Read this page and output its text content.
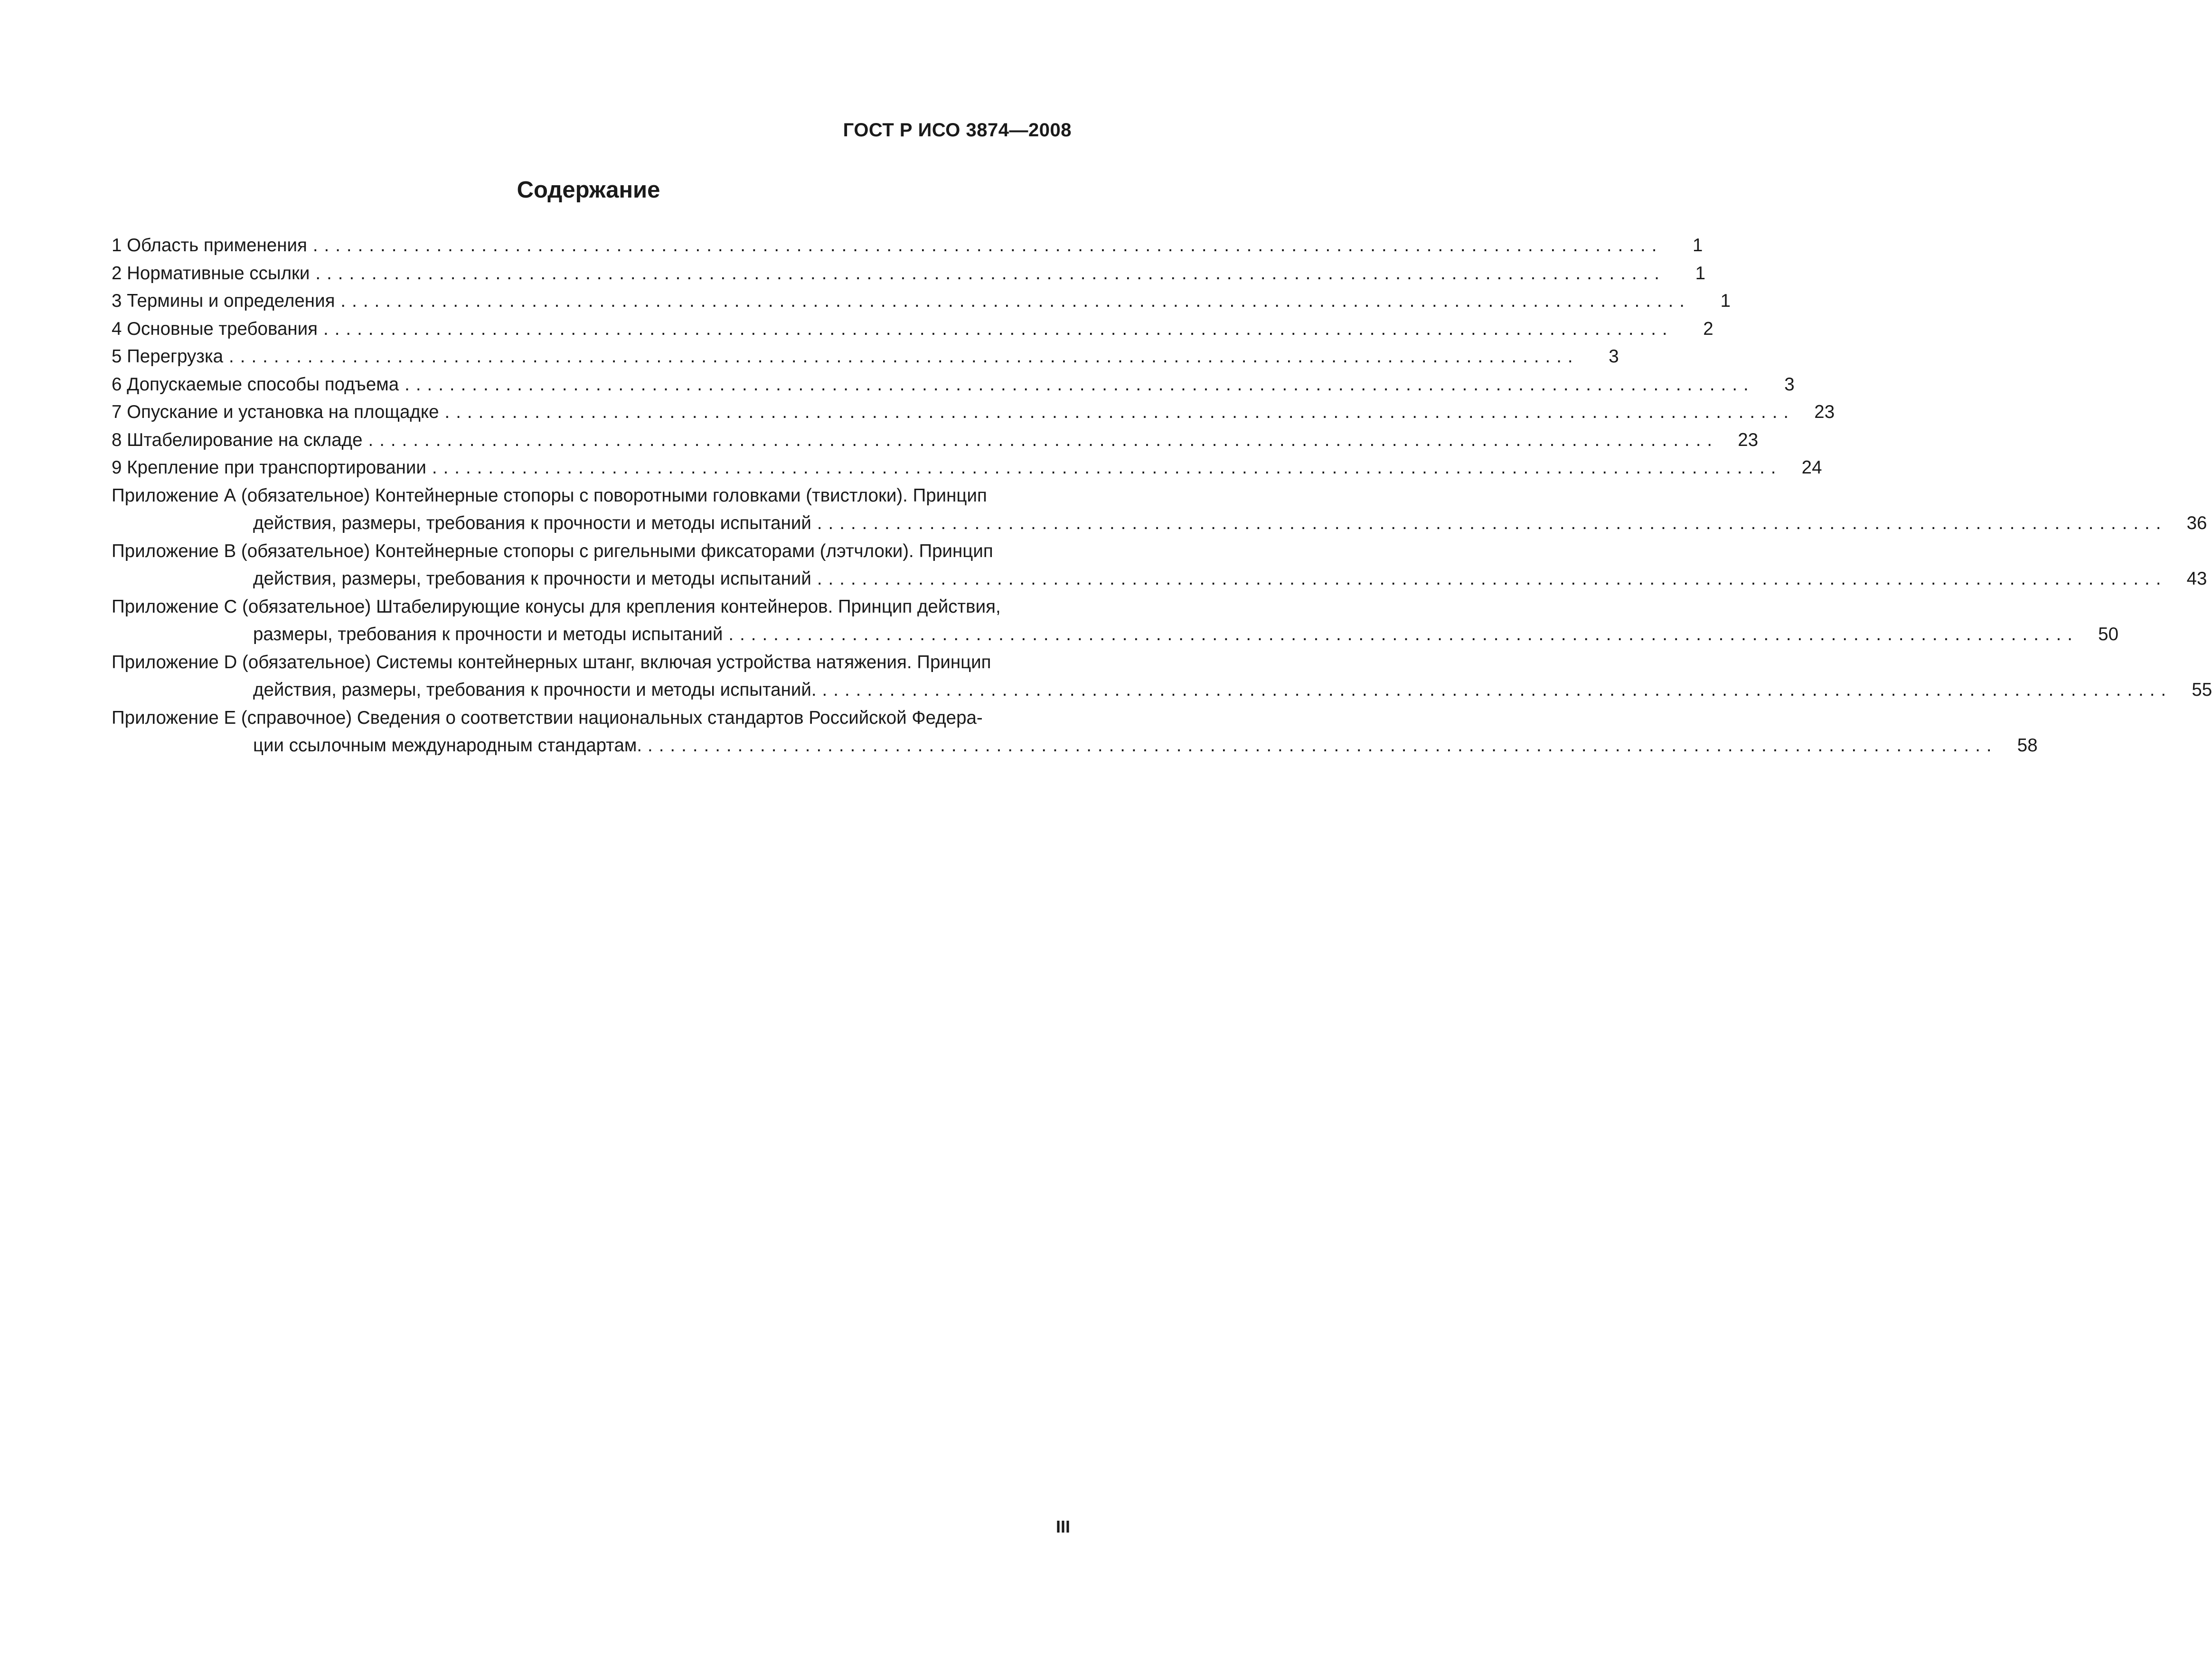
ГОСТ Р ИСО 3874—2008
Содержание
1 Область применения ........................................................................................................................	1
2 Нормативные ссылки ........................................................................................................................	1
3 Термины и определения ........................................................................................................................	1
4 Основные требования ........................................................................................................................	2
5 Перегрузка ........................................................................................................................	3
6 Допускаемые способы подъема ........................................................................................................................	3
7 Опускание и установка на площадке ........................................................................................................................	23
8 Штабелирование на складе ........................................................................................................................	23
9 Крепление при транспортировании ........................................................................................................................	24
Приложение А (обязательное) Контейнерные стопоры с поворотными головками (твистлоки). Принцип
действия, размеры, требования к прочности и методы испытаний ........................................................................................................................	36
Приложение В (обязательное) Контейнерные стопоры с ригельными фиксаторами (лэтчлоки). Принцип
действия, размеры, требования к прочности и методы испытаний ........................................................................................................................	43
Приложение С (обязательное) Штабелирующие конусы для крепления контейнеров. Принцип действия,
размеры, требования к прочности и методы испытаний ........................................................................................................................	50
Приложение D (обязательное) Системы контейнерных штанг, включая устройства натяжения. Принцип
действия, размеры, требования к прочности и методы испытаний. ........................................................................................................................	55
Приложение Е (справочное) Сведения о соответствии национальных стандартов Российской Федера-
ции ссылочным международным стандартам. ........................................................................................................................	58
III
